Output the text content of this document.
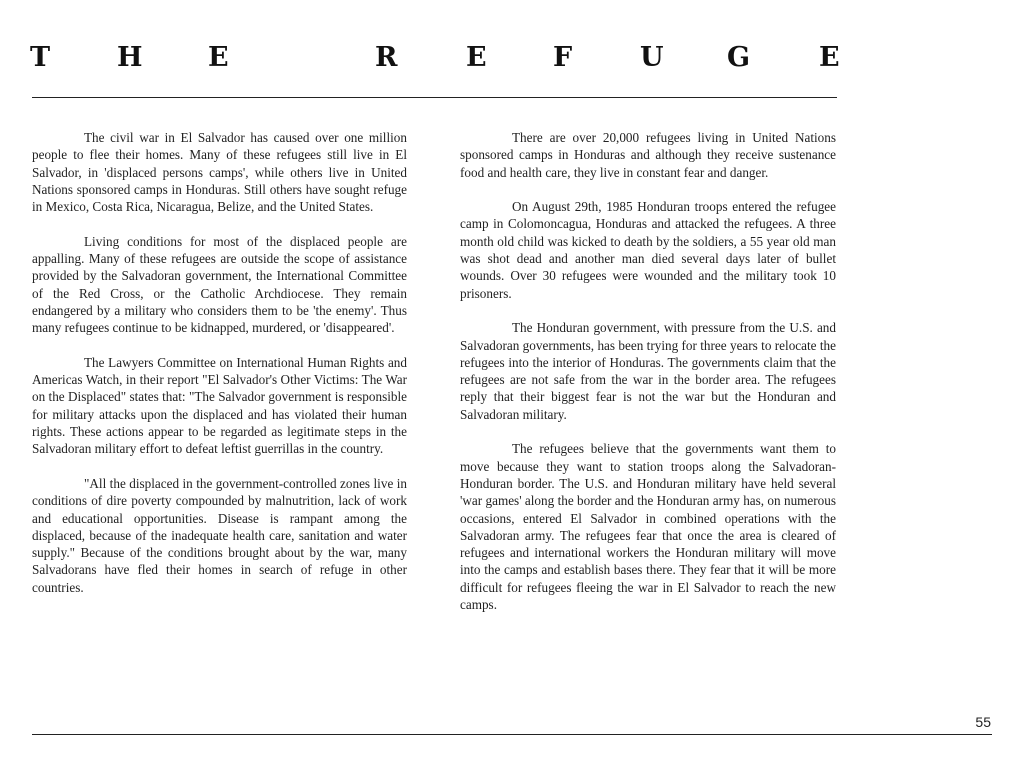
T H E	R	E F	U G	E

The civil war in El Salvador has caused over one million people to flee their homes. Many of these refugees still live in El Salvador, in 'displaced persons camps', while others live in United Nations sponsored camps in Honduras. Still others have sought refuge in Mexico, Costa Rica, Nicaragua, Belize, and the United States.

Living conditions for most of the displaced people are appalling. Many of these refugees are outside the scope of assistance provided by the Salvadoran government, the International Committee of the Red Cross, or the Catholic Archdiocese. They remain endangered by a military who considers them to be 'the enemy'. Thus many refugees continue to be kidnapped, murdered, or 'disappeared'.

The Lawyers Committee on International Human Rights and Americas Watch, in their report "El Salvador's Other Victims: The War on the Displaced" states that: "The Salvador government is responsible for military attacks upon the displaced and has violated their human rights. These actions appear to be regarded as legitimate steps in the Salvadoran military effort to defeat leftist guerrillas in the country.

"All the displaced in the government-controlled zones live in conditions of dire poverty compounded by malnutrition, lack of work and educational opportunities. Disease is rampant among the displaced, because of the inadequate health care, sanitation and water supply." Because of the conditions brought about by the war, many Salvadorans have fled their homes in search of refuge in other countries.

There are over 20,000 refugees living in United Nations sponsored camps in Honduras and although they receive sustenance food and health care, they live in constant fear and danger.

On August 29th, 1985 Honduran troops entered the refugee camp in Colomoncagua, Honduras and attacked the refugees. A three month old child was kicked to death by the soldiers, a 55 year old man was shot dead and another man died several days later of bullet wounds. Over 30 refugees were wounded and the military took 10 prisoners.

The Honduran government, with pressure from the U.S. and Salvadoran governments, has been trying for three years to relocate the refugees into the interior of Honduras. The governments claim that the refugees are not safe from the war in the border area. The refugees reply that their biggest fear is not the war but the Honduran and Salvadoran military.

The refugees believe that the governments want them to move because they want to station troops along the Salvadoran-Honduran border. The U.S. and Honduran military have held several 'war games' along the border and the Honduran army has, on numerous occasions, entered El Salvador in combined operations with the Salvadoran army. The refugees fear that once the area is cleared of refugees and international workers the Honduran military will move into the camps and establish bases there. They fear that it will be more difficult for refugees fleeing the war in El Salvador to reach the new camps.

55
